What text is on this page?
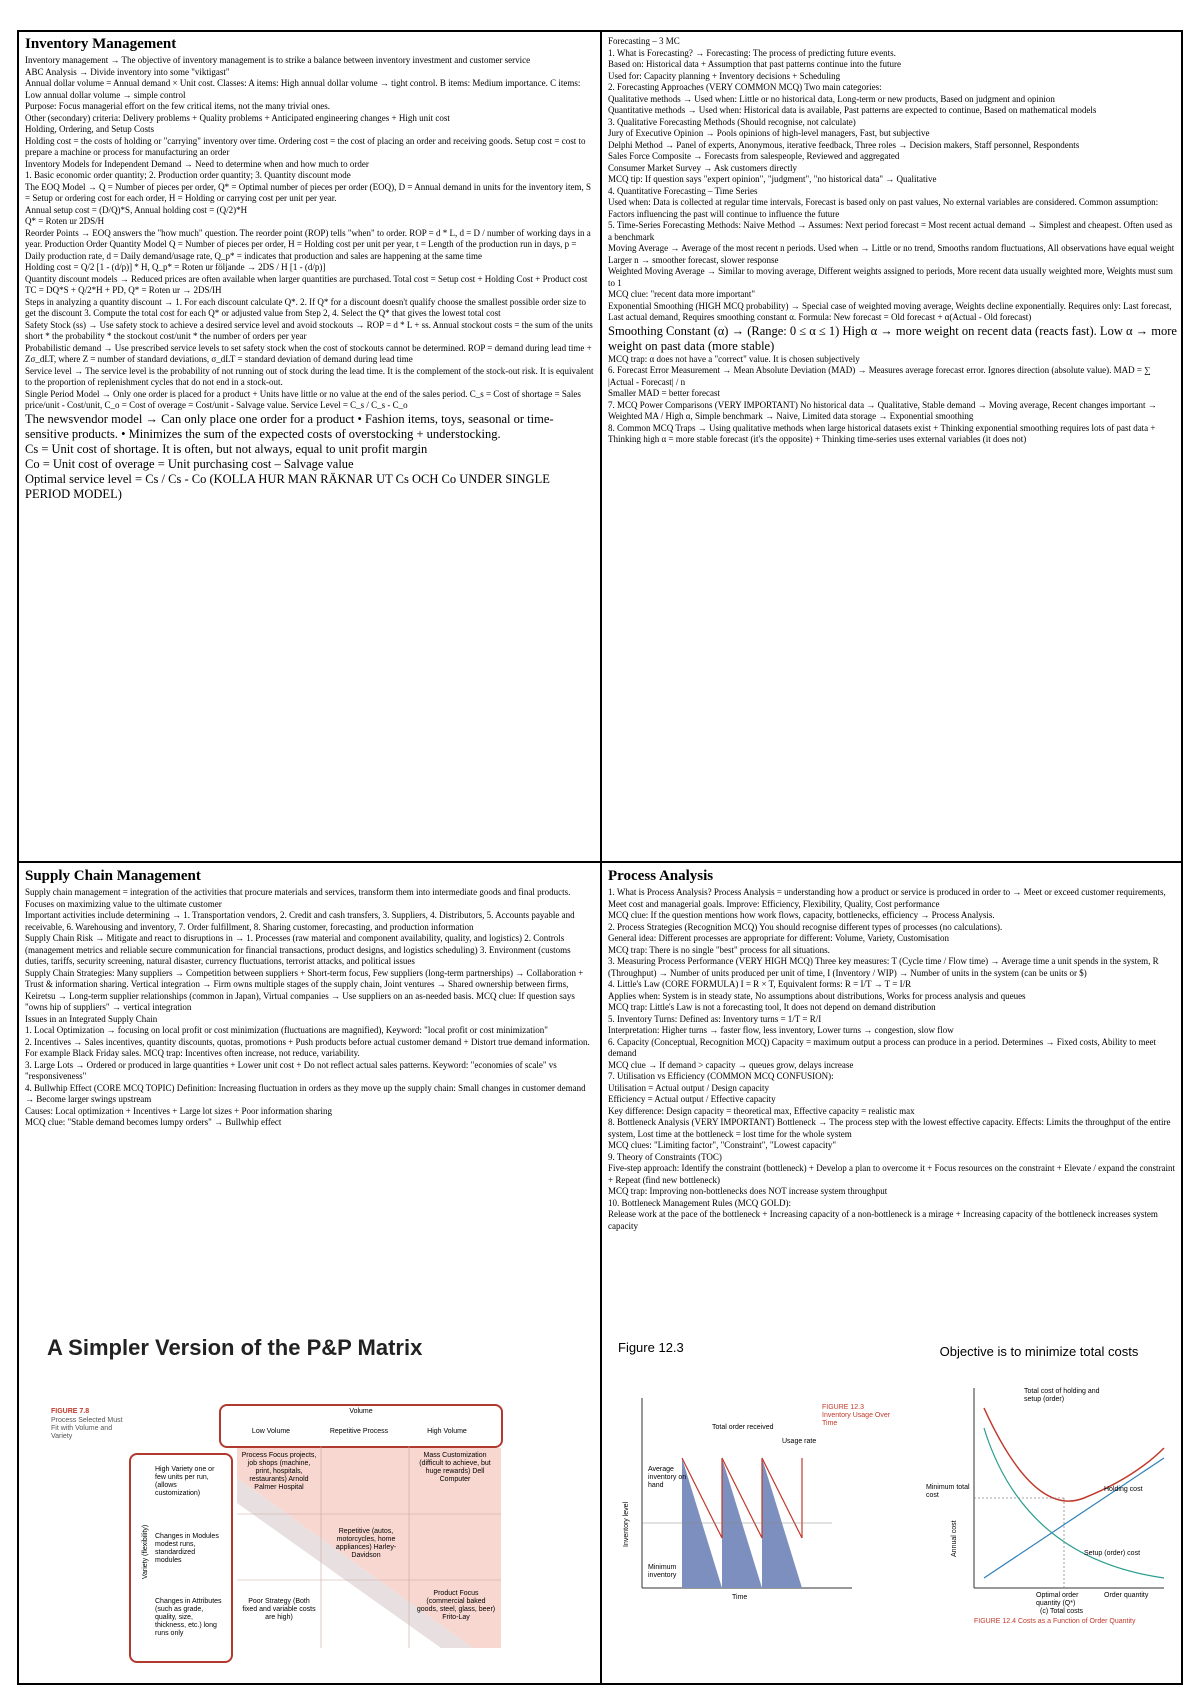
Inventory Management
Inventory management → The objective of inventory management is to strike a balance between inventory investment and customer service
ABC Analysis → Divide inventory into some "viktigast"
Annual dollar volume = Annual demand × Unit cost. Classes: A items: High annual dollar volume → tight control. B items: Medium importance. C items: Low annual dollar volume → simple control
Purpose: Focus managerial effort on the few critical items, not the many trivial ones.
Other (secondary) criteria: Delivery problems + Quality problems + Anticipated engineering changes + High unit cost
Holding, Ordering, and Setup Costs
Holding cost = the costs of holding or "carrying" inventory over time. Ordering cost = the cost of placing an order and receiving goods. Setup cost = cost to prepare a machine or process for manufacturing an order
Inventory Models for Independent Demand → Need to determine when and how much to order
1. Basic economic order quantity; 2. Production order quantity; 3. Quantity discount mode
The EOQ Model → Q = Number of pieces per order, Q* = Optimal number of pieces per order (EOQ), D = Annual demand in units for the inventory item, S = Setup or ordering cost for each order, H = Holding or carrying cost per unit per year.
Annual setup cost = (D/Q)*S, Annual holding cost = (Q/2)*H
Q* = Roten ur 2DS/H
Reorder Points → EOQ answers the "how much" question. The reorder point (ROP) tells "when" to order. ROP = d * L, d = D / number of working days in a year. Production Order Quantity Model Q = Number of pieces per order, H = Holding cost per unit per year, t = Length of the production run in days, p = Daily production rate, d = Daily demand/usage rate, Q_p* = indicates that production and sales are happening at the same time
Holding cost = Q/2 [1 - (d/p)] * H, Q_p* = Roten ur följande → 2DS / H [1 - (d/p)]
Quantity discount models → Reduced prices are often available when larger quantities are purchased. Total cost = Setup cost + Holding Cost + Product cost
TC = DQ*S + Q/2*H + PD, Q* = Roten ur → 2DS/IH
Steps in analyzing a quantity discount → 1. For each discount calculate Q*. 2. If Q* for a discount doesn't qualify choose the smallest possible order size to get the discount 3. Compute the total cost for each Q* or adjusted value from Step 2, 4. Select the Q* that gives the lowest total cost
Safety Stock (ss) → Use safety stock to achieve a desired service level and avoid stockouts → ROP = d * L + ss. Annual stockout costs = the sum of the units short * the probability * the stockout cost/unit * the number of orders per year
Probabilistic demand → Use prescribed service levels to set safety stock when the cost of stockouts cannot be determined. ROP = demand during lead time + Zσ_dLT, where Z = number of standard deviations, σ_dLT = standard deviation of demand during lead time
Service level → The service level is the probability of not running out of stock during the lead time. It is the complement of the stock-out risk. It is equivalent to the proportion of replenishment cycles that do not end in a stock-out.
Single Period Model → Only one order is placed for a product + Units have little or no value at the end of the sales period. C_s = Cost of shortage = Sales price/unit - Cost/unit, C_o = Cost of overage = Cost/unit - Salvage value. Service Level = C_s / C_s - C_o
The newsvendor model → Can only place one order for a product • Fashion items, toys, seasonal or time-sensitive products. • Minimizes the sum of the expected costs of overstocking + understocking.
Cs = Unit cost of shortage. It is often, but not always, equal to unit profit margin
Co = Unit cost of overage = Unit purchasing cost – Salvage value
Optimal service level = Cs / Cs - Co (KOLLA HUR MAN RÄKNAR UT Cs OCH Co UNDER SINGLE PERIOD MODEL)
Forecasting – 3 MC
1. What is Forecasting? → Forecasting: The process of predicting future events.
Based on: Historical data + Assumption that past patterns continue into the future
Used for: Capacity planning + Inventory decisions + Scheduling
2. Forecasting Approaches (VERY COMMON MCQ) Two main categories:
Qualitative methods → Used when: Little or no historical data, Long-term or new products, Based on judgment and opinion
Quantitative methods → Used when: Historical data is available, Past patterns are expected to continue, Based on mathematical models
3. Qualitative Forecasting Methods (Should recognise, not calculate)
Jury of Executive Opinion → Pools opinions of high-level managers, Fast, but subjective
Delphi Method → Panel of experts, Anonymous, iterative feedback, Three roles → Decision makers, Staff personnel, Respondents
Sales Force Composite → Forecasts from salespeople, Reviewed and aggregated
Consumer Market Survey → Ask customers directly
MCQ tip: If question says "expert opinion", "judgment", "no historical data" → Qualitative
4. Quantitative Forecasting – Time Series
Used when: Data is collected at regular time intervals, Forecast is based only on past values, No external variables are considered. Common assumption: Factors influencing the past will continue to influence the future
5. Time-Series Forecasting Methods: Naive Method → Assumes: Next period forecast = Most recent actual demand → Simplest and cheapest. Often used as a benchmark
Moving Average → Average of the most recent n periods. Used when → Little or no trend, Smooths random fluctuations, All observations have equal weight
Larger n → smoother forecast, slower response
Weighted Moving Average → Similar to moving average, Different weights assigned to periods, More recent data usually weighted more, Weights must sum to 1
MCQ clue: "recent data more important"
Exponential Smoothing (HIGH MCQ probability) → Special case of weighted moving average, Weights decline exponentially. Requires only: Last forecast, Last actual demand, Requires smoothing constant α. Formula: New forecast = Old forecast + α(Actual - Old forecast)
Smoothing Constant (α) → (Range: 0 ≤ α ≤ 1) High α → more weight on recent data (reacts fast). Low α → more weight on past data (more stable)
MCQ trap: α does not have a "correct" value. It is chosen subjectively
6. Forecast Error Measurement → Mean Absolute Deviation (MAD) → Measures average forecast error. Ignores direction (absolute value). MAD = ∑ |Actual - Forecast| / n
Smaller MAD = better forecast
7. MCQ Power Comparisons (VERY IMPORTANT) No historical data → Qualitative, Stable demand → Moving average, Recent changes important → Weighted MA / High α, Simple benchmark → Naive, Limited data storage → Exponential smoothing
8. Common MCQ Traps → Using qualitative methods when large historical datasets exist + Thinking exponential smoothing requires lots of past data + Thinking high α = more stable forecast (it's the opposite) + Thinking time-series uses external variables (it does not)
Supply Chain Management
Supply chain management = integration of the activities that procure materials and services, transform them into intermediate goods and final products. Focuses on maximizing value to the ultimate customer
Important activities include determining → 1. Transportation vendors, 2. Credit and cash transfers, 3. Suppliers, 4. Distributors, 5. Accounts payable and receivable, 6. Warehousing and inventory, 7. Order fulfillment, 8. Sharing customer, forecasting, and production information
Supply Chain Risk → Mitigate and react to disruptions in → 1. Processes (raw material and component availability, quality, and logistics) 2. Controls (management metrics and reliable secure communication for financial transactions, product designs, and logistics scheduling) 3. Environment (customs duties, tariffs, security screening, natural disaster, currency fluctuations, terrorist attacks, and political issues
Supply Chain Strategies: Many suppliers → Competition between suppliers + Short-term focus, Few suppliers (long-term partnerships) → Collaboration + Trust & information sharing. Vertical integration → Firm owns multiple stages of the supply chain, Joint ventures → Shared ownership between firms, Keiretsu → Long-term supplier relationships (common in Japan), Virtual companies → Use suppliers on an as-needed basis. MCQ clue: If question says "owns hip of suppliers" → vertical integration
Issues in an Integrated Supply Chain
1. Local Optimization → focusing on local profit or cost minimization (fluctuations are magnified), Keyword: "local profit or cost minimization"
2. Incentives → Sales incentives, quantity discounts, quotas, promotions + Push products before actual customer demand + Distort true demand information. For example Black Friday sales. MCQ trap: Incentives often increase, not reduce, variability.
3. Large Lots → Ordered or produced in large quantities + Lower unit cost + Do not reflect actual sales patterns. Keyword: "economies of scale" vs "responsiveness"
4. Bullwhip Effect (CORE MCQ TOPIC) Definition: Increasing fluctuation in orders as they move up the supply chain: Small changes in customer demand → Become larger swings upstream
Causes: Local optimization + Incentives + Large lot sizes + Poor information sharing
MCQ clue: "Stable demand becomes lumpy orders" → Bullwhip effect
A Simpler Version of the P&P Matrix
FIGURE 7.8
Process Selected Must Fit with Volume and Variety
Volume
Low Volume	Repetitive Process	High Volume
Variety (flexibility)
High Variety one or few units per run, (allows customization)
Changes in Modules modest runs, standardized modules
Changes in Attributes (such as grade, quality, size, thickness, etc.) long runs only
Process Focus projects, job shops (machine, print, hospitals, restaurants) Arnold Palmer Hospital
Mass Customization (difficult to achieve, but huge rewards) Dell Computer
Repetitive (autos, motorcycles, home appliances) Harley-Davidson
Poor Strategy (Both fixed and variable costs are high)
Product Focus (commercial baked goods, steel, glass, beer) Frito-Lay
Process Analysis
1. What is Process Analysis? Process Analysis = understanding how a product or service is produced in order to → Meet or exceed customer requirements, Meet cost and managerial goals. Improve: Efficiency, Flexibility, Quality, Cost performance
MCQ clue: If the question mentions how work flows, capacity, bottlenecks, efficiency → Process Analysis.
2. Process Strategies (Recognition MCQ) You should recognise different types of processes (no calculations).
General idea: Different processes are appropriate for different: Volume, Variety, Customisation
MCQ trap: There is no single "best" process for all situations.
3. Measuring Process Performance (VERY HIGH MCQ) Three key measures: T (Cycle time / Flow time) → Average time a unit spends in the system, R (Throughput) → Number of units produced per unit of time, I (Inventory / WIP) → Number of units in the system (can be units or $)
4. Little's Law (CORE FORMULA) I = R × T, Equivalent forms: R = I/T → T = I/R
Applies when: System is in steady state, No assumptions about distributions, Works for process analysis and queues
MCQ trap: Little's Law is not a forecasting tool, It does not depend on demand distribution
5. Inventory Turns: Defined as: Inventory turns = 1/T = R/I
Interpretation: Higher turns → faster flow, less inventory, Lower turns → congestion, slow flow
6. Capacity (Conceptual, Recognition MCQ) Capacity = maximum output a process can produce in a period. Determines → Fixed costs, Ability to meet demand
MCQ clue → If demand > capacity → queues grow, delays increase
7. Utilisation vs Efficiency (COMMON MCQ CONFUSION):
Utilisation = Actual output / Design capacity
Efficiency = Actual output / Effective capacity
Key difference: Design capacity = theoretical max, Effective capacity = realistic max
8. Bottleneck Analysis (VERY IMPORTANT) Bottleneck → The process step with the lowest effective capacity. Effects: Limits the throughput of the entire system, Lost time at the bottleneck = lost time for the whole system
MCQ clues: "Limiting factor", "Constraint", "Lowest capacity"
9. Theory of Constraints (TOC)
Five-step approach: Identify the constraint (bottleneck) + Develop a plan to overcome it + Focus resources on the constraint + Elevate / expand the constraint + Repeat (find new bottleneck)
MCQ trap: Improving non-bottlenecks does NOT increase system throughput
10. Bottleneck Management Rules (MCQ GOLD):
Release work at the pace of the bottleneck + Increasing capacity of a non-bottleneck is a mirage + Increasing capacity of the bottleneck increases system capacity
Figure 12.3
Total order received
Usage rate
Average inventory on hand
Minimum inventory
Inventory level
Time
FIGURE 12.3 Inventory Usage Over Time
Objective is to minimize total costs
Total cost of holding and setup (order)
Minimum total cost
Holding cost
Setup (order) cost
Annual cost
Optimal order quantity (Q*)
Order quantity
(c) Total costs
FIGURE 12.4 Costs as a Function of Order Quantity
